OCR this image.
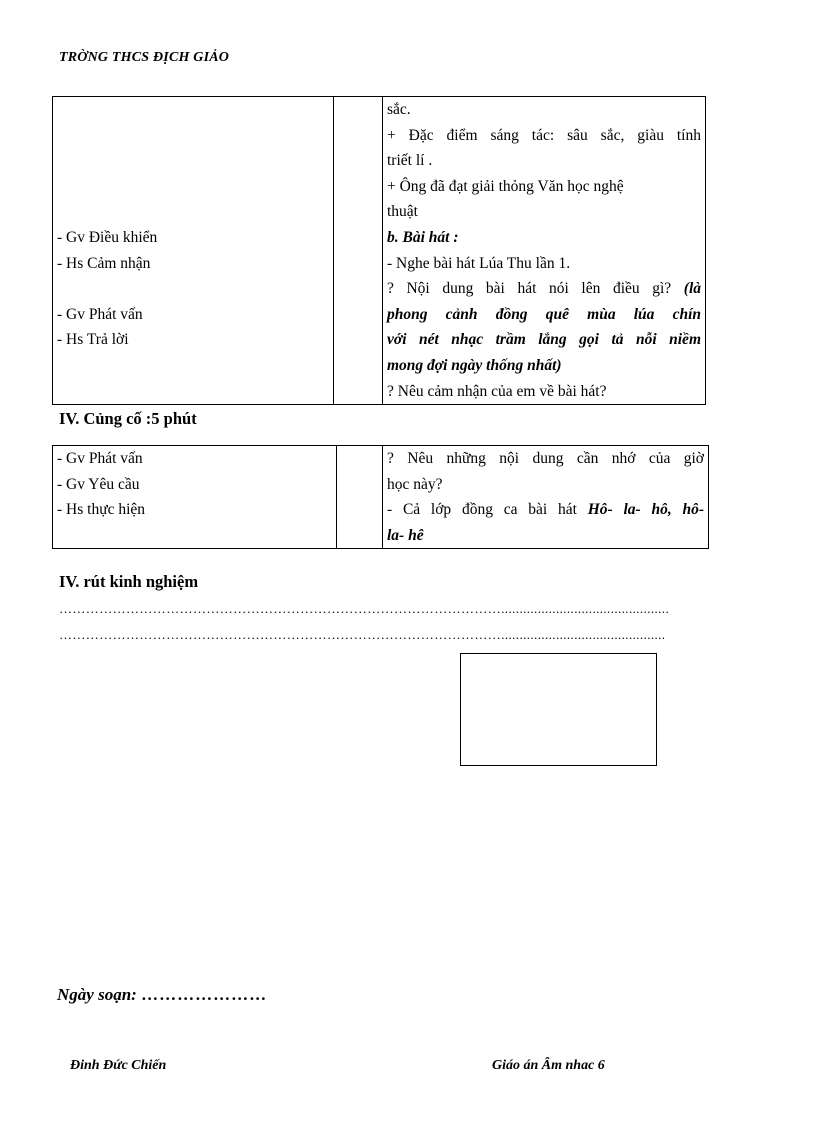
TRỜNG THCS ĐỊCH GIẢO

- Gv Điều khiển
- Hs Cảm nhận

- Gv Phát vấn
- Hs Trả lời

sắc.
+ Đặc điểm sáng tác: sâu sắc, giàu tính
triết lí .
+ Ông đã đạt giải thỏng Văn học nghệ
thuật
b. Bài hát :
- Nghe bài hát Lúa Thu lần 1.
? Nội dung bài hát nói lên điều gì? (là
phong cảnh đồng quê mùa lúa chín
với nét nhạc trầm lắng gọi tả nỗi niềm
mong đợi ngày thống nhất)
? Nêu cảm nhận của em về bài hát?
IV. Củng cố :5 phút
- Gv Phát vấn
- Gv Yêu cầu
- Hs thực hiện

? Nêu những nội dung cần nhớ của giờ
học này?
- Cả lớp đồng ca bài hát Hô- la- hô, hô-
la- hê
IV. rút kinh nghiệm
………………………………………………………………………………………..............................................
……………………………………………………………………………………….............................................
Ngày soạn: …………………
Đinh Đức Chiến	Giáo án Âm nhac 6
